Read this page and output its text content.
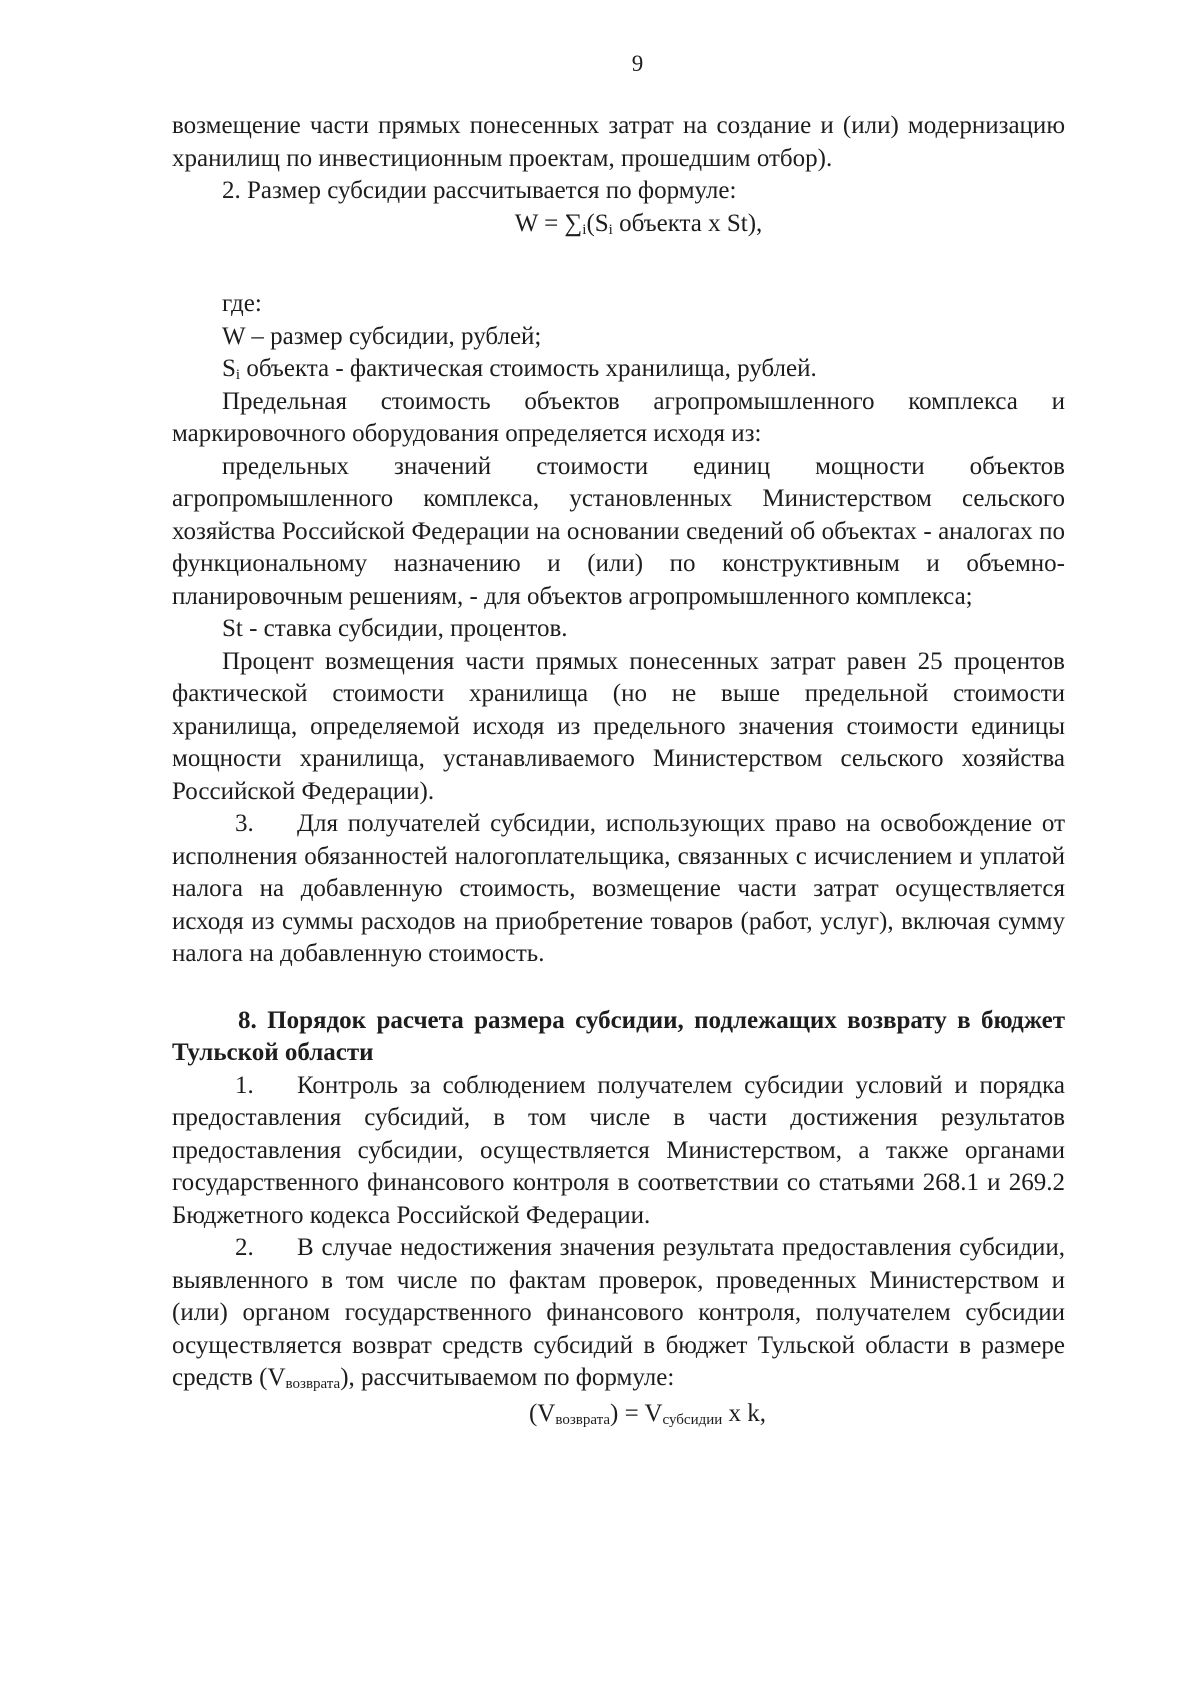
9

возмещение части прямых понесенных затрат на создание и (или) модернизацию хранилищ по инвестиционным проектам, прошедшим отбор).

2. Размер субсидии рассчитывается по формуле:

$W = \sum_i(S_i$ объекта x St),

где:

W – размер субсидии, рублей;

$S_i$ объекта - фактическая стоимость хранилища, рублей.

Предельная стоимость объектов агропромышленного комплекса и маркировочного оборудования определяется исходя из:

предельных значений стоимости единиц мощности объектов агропромышленного комплекса, установленных Министерством сельского хозяйства Российской Федерации на основании сведений об объектах - аналогах по функциональному назначению и (или) по конструктивным и объемно-планировочным решениям, - для объектов агропромышленного комплекса;

St - ставка субсидии, процентов.

Процент возмещения части прямых понесенных затрат равен 25 процентов фактической стоимости хранилища (но не выше предельной стоимости хранилища, определяемой исходя из предельного значения стоимости единицы мощности хранилища, устанавливаемого Министерством сельского хозяйства Российской Федерации).

3. Для получателей субсидии, использующих право на освобождение от исполнения обязанностей налогоплательщика, связанных с исчислением и уплатой налога на добавленную стоимость, возмещение части затрат осуществляется исходя из суммы расходов на приобретение товаров (работ, услуг), включая сумму налога на добавленную стоимость.

8. Порядок расчета размера субсидии, подлежащих возврату в бюджет Тульской области

1. Контроль за соблюдением получателем субсидии условий и порядка предоставления субсидий, в том числе в части достижения результатов предоставления субсидии, осуществляется Министерством, а также органами государственного финансового контроля в соответствии со статьями 268.1 и 269.2 Бюджетного кодекса Российской Федерации.

2. В случае недостижения значения результата предоставления субсидии, выявленного в том числе по фактам проверок, проведенных Министерством и (или) органом государственного финансового контроля, получателем субсидии осуществляется возврат средств субсидий в бюджет Тульской области в размере средств $(V_{возврата})$, рассчитываемом по формуле:

$(V_{возврата}) = V_{субсидии}$ x k,
